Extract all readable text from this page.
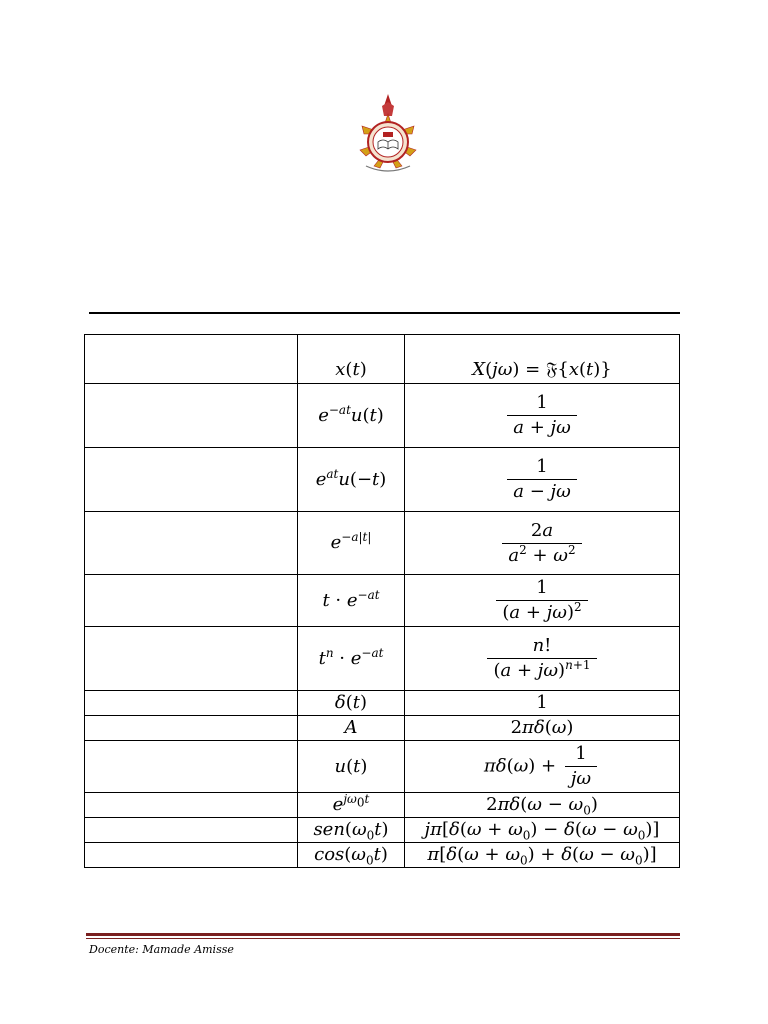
	x(t)	X(jω) = 𝔉{x(t)}
	$e^{-at}u(t)$	$\frac{1}{a + j\omega}$

	$e^{at}u(-t)$	$\frac{1}{a - j\omega}$

	$e^{-a|t|}$	$\frac{2a}{a^2 + \omega^2}$

	$t \cdot e^{-at}$	$\frac{1}{(a + j\omega)^2}$

	$t^n \cdot e^{-at}$	$\frac{n!}{(a + j\omega)^{n+1}}$

	δ(t)	1
	A	2πδ(ω)
	u(t)	$\pi\delta(\omega) + \frac{1}{j\omega}$

	$e^{j\omega_0t}$	$2\pi\delta(\omega - \omega_0)$
	$sen(\omega_0t)$	$j\pi[\delta(\omega + \omega_0) - \delta(\omega - \omega_0)]$
	$\cos(\omega_0t)$	$\pi[\delta(\omega + \omega_0) + \delta(\omega - \omega_0)]$
Docente: Mamade Amisse
